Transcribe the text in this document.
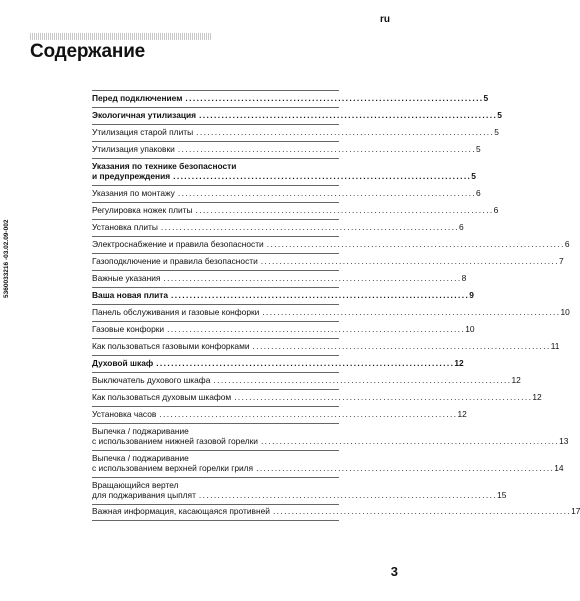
ru
Содержание
5360033216 -03.02.09-002
Перед подключением ................................................................................ 5
Экологичная утилизация ................................................................................ 5
Утилизация старой плиты ................................................................................ 5
Утилизация упаковки ................................................................................ 5
Указания по технике безопасности
и предупреждения ................................................................................ 5
Указания по монтажу ................................................................................ 6
Регулировка ножек плиты ................................................................................ 6
Установка плиты ................................................................................ 6
Электроснабжение и правила безопасности ................................................................................ 6
Газоподключение и правила безопасности ................................................................................ 7
Важные указания ................................................................................ 8
Ваша новая плита ................................................................................ 9
Панель обслуживания и газовые конфорки ................................................................................ 10
Газовые конфорки ................................................................................ 10
Как пользоваться газовыми конфорками ................................................................................ 11
Духовой шкаф ................................................................................ 12
Выключатель духового шкафа ................................................................................ 12
Как пользоваться духовым шкафом ................................................................................ 12
Установка часов ................................................................................ 12
Выпечка / поджаривание
с использованием нижней газовой горелки ................................................................................ 13
Выпечка / поджаривание
с использованием верхней горелки гриля ................................................................................ 14
Вращающийся вертел
для поджаривания цыплят ................................................................................ 15
Важная информация, касающаяся противней ................................................................................ 17
3
